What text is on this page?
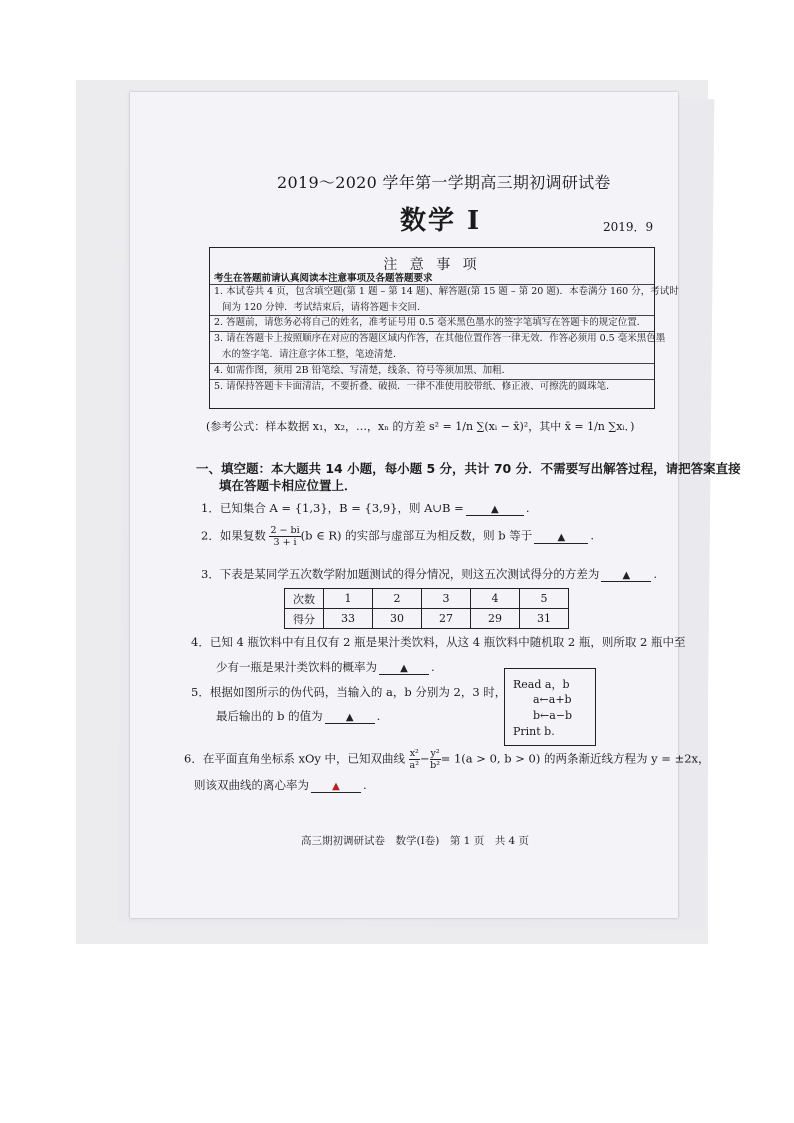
2019～2020 学年第一学期高三期初调研试卷
数学 I	2019．9
注 意 事 项
考生在答题前请认真阅读本注意事项及各题答题要求
1. 本试卷共 4 页，包含填空题(第 1 题 – 第 14 题)、解答题(第 15 题 – 第 20 题)．本卷满分 160 分，考试时
间为 120 分钟．考试结束后，请将答题卡交回．
2. 答题前，请您务必将自己的姓名，准考证号用 0.5 毫米黑色墨水的签字笔填写在答题卡的规定位置．
3. 请在答题卡上按照顺序在对应的答题区域内作答，在其他位置作答一律无效．作答必须用 0.5 毫米黑色墨
水的签字笔．请注意字体工整，笔迹清楚．
4. 如需作图，须用 2B 铅笔绘、写清楚，线条、符号等须加黑、加粗．
5. 请保持答题卡卡面清洁，不要折叠、破损．一律不准使用胶带纸、修正液、可擦洗的圆珠笔．
(参考公式：样本数据 x₁，x₂，…，xₙ 的方差 s² = 1/n ∑(xᵢ − x̄)²，其中 x̄ = 1/n ∑xᵢ．)
一、填空题：本大题共 14 小题，每小题 5 分，共计 70 分．不需要写出解答过程，请把答案直接
填在答题卡相应位置上．
1．已知集合 A = {1,3}，B = {3,9}，则 A∪B =	▲ .
2．如果复数 $\frac{2 - bi}{3 + i} (b$ ∈ R) 的实部与虚部互为相反数，则 b 等于	▲ .
3．下表是某同学五次数学附加题测试的得分情况，则这五次测试得分的方差为 ▲ .
次数	1	2	3	4	5
得分	33	30	27	29	31
4．已知 4 瓶饮料中有且仅有 2 瓶是果汁类饮料，从这 4 瓶饮料中随机取 2 瓶，则所取 2 瓶中至
少有一瓶是果汁类饮料的概率为 ▲ .
5．根据如图所示的伪代码，当输入的 a，b 分别为 2，3 时，
最后输出的 b 的值为 ▲ .
Read a，b
a←a+b
b←a−b
Print b.
6．在平面直角坐标系 xOy 中，已知双曲线 $\frac{\text{x²}}{\text{a²}} - \frac{\text{y²}}{\text{b²}} = 1(a > 0$, b > 0) 的两条渐近线方程为 y = ±2x，
则该双曲线的离心率为 ▲ .
高三期初调研试卷　数学(I卷)　第 1 页　共 4 页
